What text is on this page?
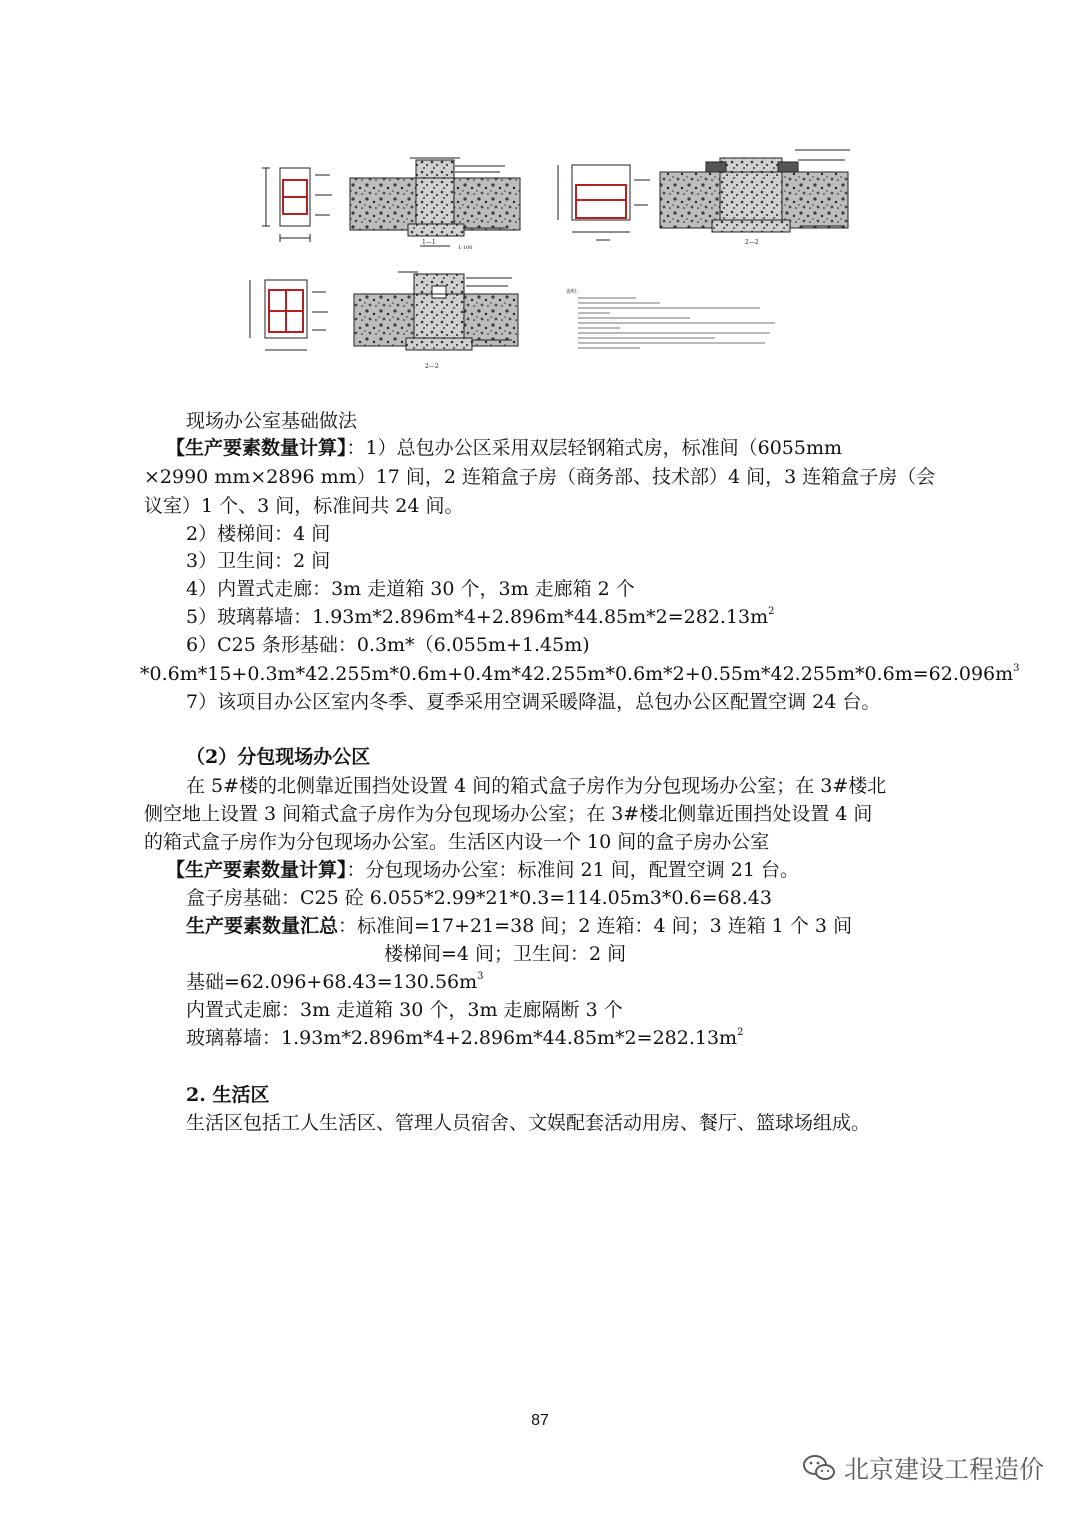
1—1
1:100
2—2
2—2
说明：
现场办公室基础做法
【生产要素数量计算】：1）总包办公区采用双层轻钢箱式房，标准间（6055mm
×2990 mm×2896 mm）17 间，2 连箱盒子房（商务部、技术部）4 间，3 连箱盒子房（会
议室）1 个、3 间，标准间共 24 间。
2）楼梯间：4 间
3）卫生间：2 间
4）内置式走廊：3m 走道箱 30 个，3m 走廊箱 2 个
5）玻璃幕墙：$1.93m*2.896m*4+2.896m*44.85m*2=282.13m^2$
6）C25 条形基础：0.3m*（6.055m+1.45m)
$*0.6m*15+0.3m*42.255m*0.6m+0.4m*42.255m*0.6m*2+0.55m*42.255m*0.6m=62.096m^3$
7）该项目办公区室内冬季、夏季采用空调采暖降温，总包办公区配置空调 24 台。
（2）分包现场办公区
在 5#楼的北侧靠近围挡处设置 4 间的箱式盒子房作为分包现场办公室；在 3#楼北
侧空地上设置 3 间箱式盒子房作为分包现场办公室；在 3#楼北侧靠近围挡处设置 4 间
的箱式盒子房作为分包现场办公室。生活区内设一个 10 间的盒子房办公室
【生产要素数量计算】：分包现场办公室：标准间 21 间，配置空调 21 台。
盒子房基础：C25 砼 6.055*2.99*21*0.3=114.05m3*0.6=68.43
生产要素数量汇总：标准间=17+21=38 间；2 连箱：4 间；3 连箱 1 个 3 间
楼梯间=4 间；卫生间：2 间
基础$=62.096+68.43=130.56m^3$
内置式走廊：3m 走道箱 30 个，3m 走廊隔断 3 个
玻璃幕墙：$1.93m*2.896m*4+2.896m*44.85m*2=282.13m^2$
2. 生活区
生活区包括工人生活区、管理人员宿舍、文娱配套活动用房、餐厅、篮球场组成。
87
北京建设工程造价
